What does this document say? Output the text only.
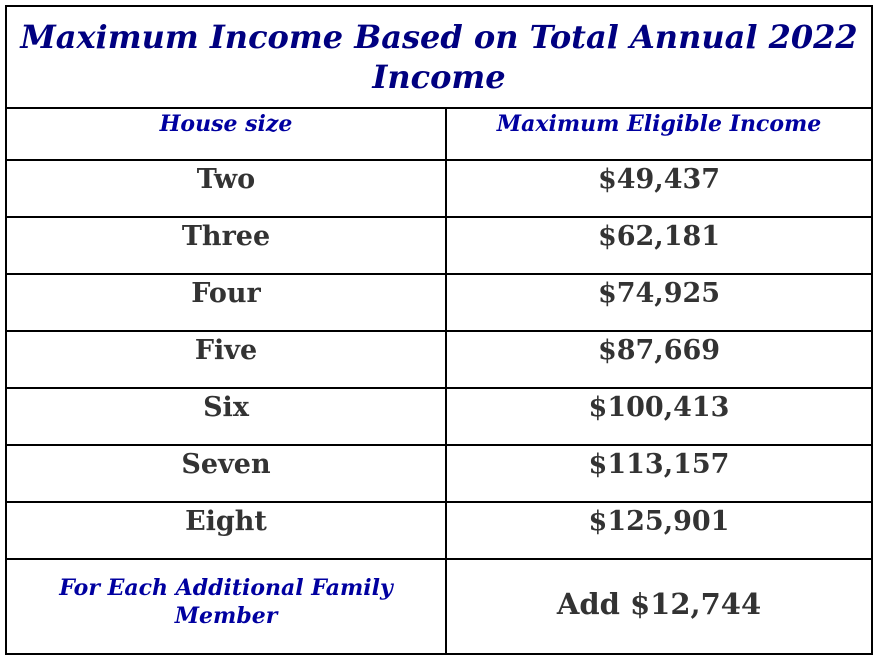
Maximum Income Based on Total Annual 2022 Income	
House size	Maximum Eligible Income
Two	$49,437
Three	$62,181
Four	$74,925
Five	$87,669
Six	$100,413
Seven	$113,157
Eight	$125,901
For Each Additional Family Member	Add $12,744
